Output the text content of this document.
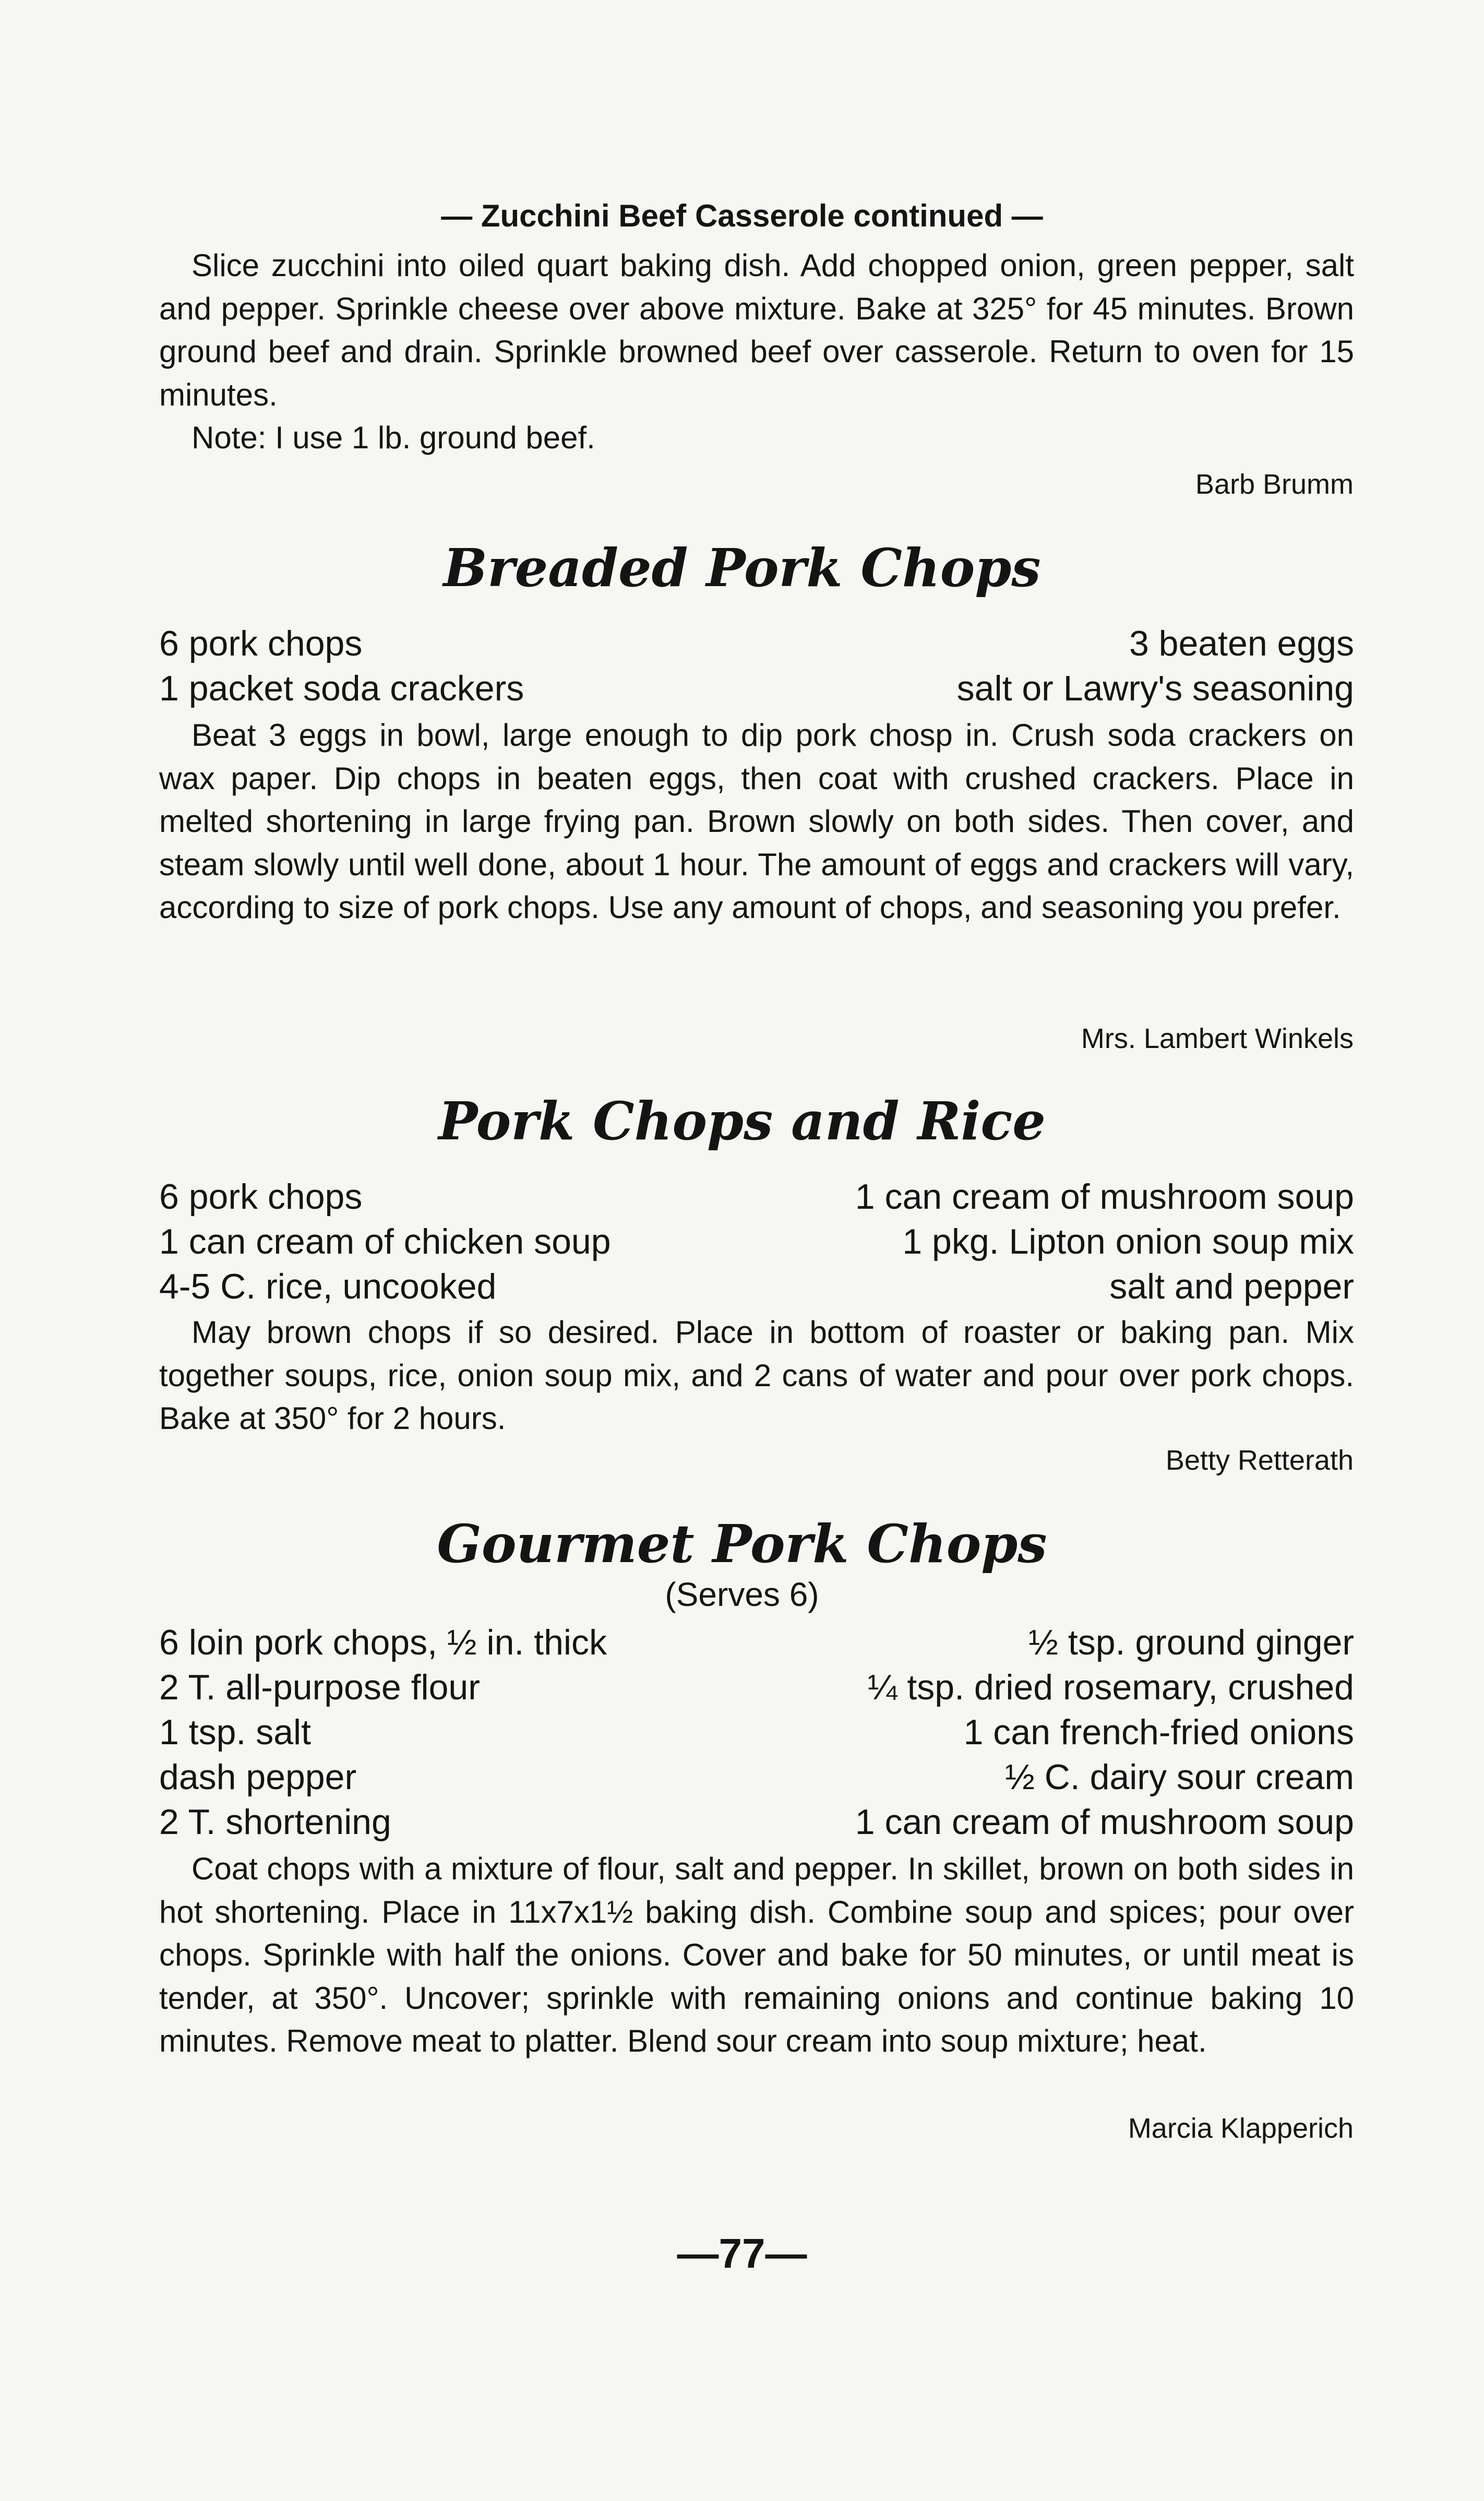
— Zucchini Beef Casserole continued —
Slice zucchini into oiled quart baking dish. Add chopped onion, green pepper, salt and pepper. Sprinkle cheese over above mixture. Bake at 325° for 45 minutes. Brown ground beef and drain. Sprinkle browned beef over casserole. Return to oven for 15 minutes.
Note: I use 1 lb. ground beef.
Barb Brumm
Breaded Pork Chops
6 pork chops	3 beaten eggs
1 packet soda crackers	salt or Lawry's seasoning
Beat 3 eggs in bowl, large enough to dip pork chosp in. Crush soda crackers on wax paper. Dip chops in beaten eggs, then coat with crushed crackers. Place in melted shortening in large frying pan. Brown slowly on both sides. Then cover, and steam slowly until well done, about 1 hour. The amount of eggs and crackers will vary, according to size of pork chops. Use any amount of chops, and seasoning you prefer.
Mrs. Lambert Winkels
Pork Chops and Rice
6 pork chops	1 can cream of mushroom soup
1 can cream of chicken soup	1 pkg. Lipton onion soup mix
4-5 C. rice, uncooked	salt and pepper
May brown chops if so desired. Place in bottom of roaster or baking pan. Mix together soups, rice, onion soup mix, and 2 cans of water and pour over pork chops. Bake at 350° for 2 hours.
Betty Retterath
Gourmet Pork Chops
(Serves 6)
6 loin pork chops, ½ in. thick	½ tsp. ground ginger
2 T. all-purpose flour	¼ tsp. dried rosemary, crushed
1 tsp. salt	1 can french-fried onions
dash pepper	½ C. dairy sour cream
2 T. shortening	1 can cream of mushroom soup
Coat chops with a mixture of flour, salt and pepper. In skillet, brown on both sides in hot shortening. Place in 11x7x1½ baking dish. Combine soup and spices; pour over chops. Sprinkle with half the onions. Cover and bake for 50 minutes, or until meat is tender, at 350°. Uncover; sprinkle with remaining onions and continue baking 10 minutes. Remove meat to platter. Blend sour cream into soup mixture; heat.
Marcia Klapperich
—77—
